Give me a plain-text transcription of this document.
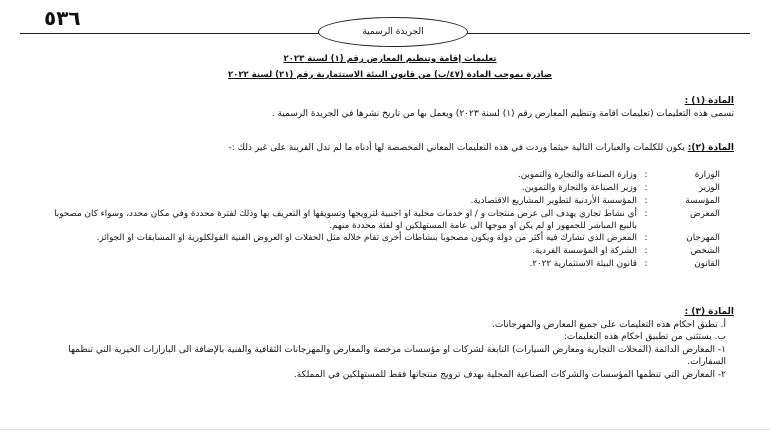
٥٣٦
الجريدة الرسمية
تعليمات إقامة وتنظيم المعارض رقم (١) لسنة ٢٠٢٣
صادرة بموجب المادة (٤٧/ب) من قانون البيئة الاستثمارية رقم (٢١) لسنة ٢٠٢٢
المادة (١) :

تسمى هذه التعليمات (تعليمات اقامة وتنظيم المعارض رقم (١) لسنة ٢٠٢٣) ويعمل بها من تاريخ نشرها في الجريدة الرسمية .

المادة (٢): يكون للكلمات والعبارات التالية حيثما وردت في هذه التعليمات المعاني المخصصة لها أدناه ما لم تدل القرينة على غير ذلك :-

الوزارة
:
وزارة الصناعة والتجارة والتموين.
الوزير
:
وزير الصناعة والتجارة والتموين.
المؤسسة
:
المؤسسة الأردنية لتطوير المشاريع الاقتصادية.
المعرض
:
أي نشاط تجاري يهدف الى عرض منتجات و / او خدمات محلية او اجنبية لترويجها وتسويقها او التعريف بها وذلك لفترة محددة وفي مكان محدد، وسواء كان مصحوبا بالبيع المباشر للجمهور او لم يكن او موجها الى عامة المستهلكين او لفئة محددة منهم.
المهرجان
:
المعرض الذي تشارك فيه أكثر من دولة ويكون مصحوبا بنشاطات أخرى تقام خلاله مثل الحفلات او العروض الفنية الفولكلورية او المسابقات او الجوائز.
الشخص
:
الشركة او المؤسسة الفردية.
القانون
:
قانون البيئة الاستثمارية ٢٠٢٢.
المادة (٣) :

أ. تطبق احكام هذه التعليمات على جميع المعارض والمهرجانات.

ب. يستثنى من تطبيق احكام هذه التعليمات:

١- المعارض الدائمة (المحلات التجارية ومعارض السيارات) التابعة لشركات او مؤسسات مرخصة والمعارض والمهرجانات الثقافية والفنية بالإضافة الى البازارات الخيرية التي تنظمها السفارات.

٢- المعارض التي تنظمها المؤسسات والشركات الصناعية المحلية بهدف ترويج منتجاتها فقط للمستهلكين في المملكة.
